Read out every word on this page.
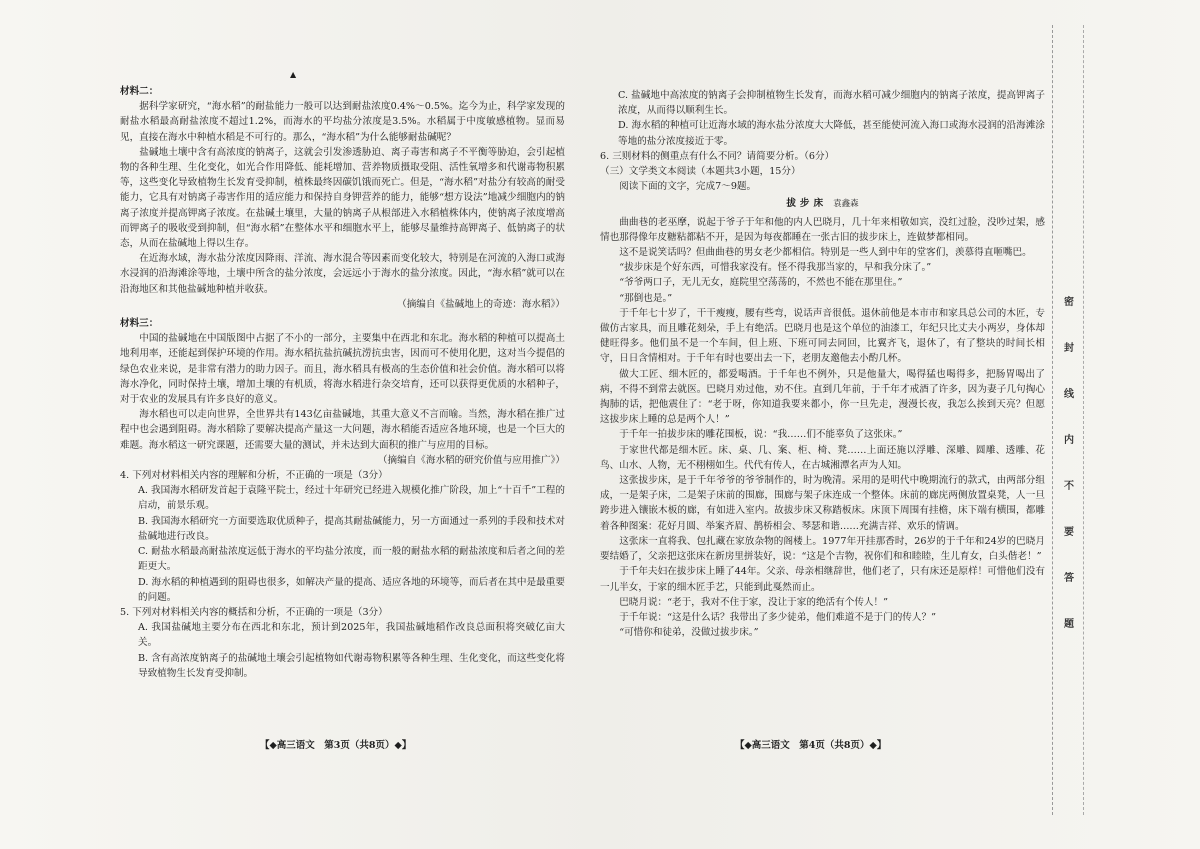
▲

材料二：

据科学家研究，“海水稻”的耐盐能力一般可以达到耐盐浓度0.4%～0.5%。迄今为止，科学家发现的耐盐水稻最高耐盐浓度不超过1.2%，而海水的平均盐分浓度是3.5%。水稻属于中度敏感植物。显而易见，直接在海水中种植水稻是不可行的。那么，“海水稻”为什么能够耐盐碱呢？

盐碱地土壤中含有高浓度的钠离子，这就会引发渗透胁迫、离子毒害和离子不平衡等胁迫，会引起植物的各种生理、生化变化，如光合作用降低、能耗增加、营养物质摄取受阻、活性氧增多和代谢毒物积累等，这些变化导致植物生长发育受抑制，植株最终因碳饥饿而死亡。但是，“海水稻”对盐分有较高的耐受能力，它具有对钠离子毒害作用的适应能力和保持自身钾营养的能力，能够“想方设法”地减少细胞内的钠离子浓度并提高钾离子浓度。在盐碱土壤里，大量的钠离子从根部进入水稻植株体内，使钠离子浓度增高而钾离子的吸收受到抑制，但“海水稻”在整体水平和细胞水平上，能够尽量维持高钾离子、低钠离子的状态，从而在盐碱地上得以生存。

在近海水域，海水盐分浓度因降雨、洋流、海水混合等因素而变化较大，特别是在河流的入海口或海水浸润的沿海滩涂等地，土壤中所含的盐分浓度，会远远小于海水的盐分浓度。因此，“海水稻”就可以在沿海地区和其他盐碱地种植并收获。

（摘编自《盐碱地上的奇迹：海水稻》）

材料三：

中国的盐碱地在中国版图中占据了不小的一部分，主要集中在西北和东北。海水稻的种植可以提高土地利用率，还能起到保护环境的作用。海水稻抗盐抗碱抗涝抗虫害，因而可不使用化肥，这对当今提倡的绿色农业来说，是非常有潜力的助力因子。而且，海水稻具有极高的生态价值和社会价值。海水稻可以将海水净化，同时保持土壤，增加土壤的有机质，将海水稻进行杂交培育，还可以获得更优质的水稻种子，对于农业的发展具有许多良好的意义。

海水稻也可以走向世界，全世界共有143亿亩盐碱地，其重大意义不言而喻。当然，海水稻在推广过程中也会遇到阻碍。海水稻除了要解决提高产量这一大问题，海水稻能否适应各地环境，也是一个巨大的难题。海水稻这一研究课题，还需要大量的测试，并未达到大面积的推广与应用的目标。

（摘编自《海水稻的研究价值与应用推广》）

4. 下列对材料相关内容的理解和分析，不正确的一项是（3分）

A. 我国海水稻研发首起于袁隆平院士，经过十年研究已经进入规模化推广阶段，加上“十百千”工程的启动，前景乐观。

B. 我国海水稻研究一方面要选取优质种子，提高其耐盐碱能力，另一方面通过一系列的手段和技术对盐碱地进行改良。

C. 耐盐水稻最高耐盐浓度远低于海水的平均盐分浓度，而一般的耐盐水稻的耐盐浓度和后者之间的差距更大。

D. 海水稻的种植遇到的阻碍也很多，如解决产量的提高、适应各地的环境等，而后者在其中是最重要的问题。

5. 下列对材料相关内容的概括和分析，不正确的一项是（3分）

A. 我国盐碱地主要分布在西北和东北，预计到2025年，我国盐碱地稻作改良总面积将突破亿亩大关。

B. 含有高浓度钠离子的盐碱地土壤会引起植物如代谢毒物积累等各种生理、生化变化，而这些变化将导致植物生长发育受抑制。

【◆高三语文　第3页（共8页）◆】

C. 盐碱地中高浓度的钠离子会抑制植物生长发育，而海水稻可减少细胞内的钠离子浓度，提高钾离子浓度，从而得以顺利生长。

D. 海水稻的种植可让近海水域的海水盐分浓度大大降低，甚至能使河流入海口或海水浸润的沿海滩涂等地的盐分浓度接近于零。

6. 三则材料的侧重点有什么不同？请简要分析。（6分）

（三）文学类文本阅读（本题共3小题，15分）

阅读下面的文字，完成7～9题。

拔步床 袁鑫森

曲曲巷的老巫摩，说起于爷子于年和他的内人巴晓月，几十年来相敬如宾，没红过脸，没吵过架，感情也那得像年皮糖粘都粘不开，是因为每夜都睡在一张古旧的拔步床上，连做梦都相同。

这不是说笑话吗？但曲曲巷的男女老少都相信。特别是一些人到中年的堂客们，羡慕得直咂嘴巴。

“拔步床是个好东西，可惜我家没有。怪不得我那当家的，早和我分床了。”

“爷爷两口子，无儿无女，庭院里空荡荡的，不然也不能在那里住。”

“那倒也是。”

于千年七十岁了，干干瘦瘦，腰有些弯，说话声音很低。退休前他是本市市和家具总公司的木匠，专做仿古家具，而且雕花刻朵，手上有绝活。巴晓月也是这个单位的油漆工，年纪只比丈夫小两岁，身体却健旺得多。他们虽不是一个车间，但上班、下班可同去同回，比翼齐飞，退休了，有了整块的时间长相守，日日含情相对。于千年有时也要出去一下，老朋友邀他去小酌几杯。

做大工匠、细木匠的，都爱喝酒。于千年也不例外，只是他量大，喝得猛也喝得多，把肠胃喝出了病，不得不到常去就医。巴晓月劝过他，劝不住。直到几年前，于千年才戒酒了许多，因为妻子几句掏心掏肺的话，把他震住了：“老于呀，你知道我要来都小，你一旦先走，漫漫长夜，我怎么挨到天亮？但愿这拔步床上睡的总是两个人！”

于千年一拍拔步床的雕花围板，说：“我……们不能辜负了这张床。”

于家世代都是细木匠。床、桌、几、案、柜、椅、凳……上面还施以浮雕、深雕、圆雕、透雕、花鸟、山水、人物，无不栩栩如生。代代有传人，在古城湘潭名声为人知。

这张拔步床，是于千年爷爷的爷爷制作的，时为晚清。采用的是明代中晚期流行的款式，由两部分组成，一是架子床，二是架子床前的围廊，围廊与架子床连成一个整体。床前的廊庑两侧放置桌凳，人一旦跨步进入镶嵌木板的廊，有如进入室内。故拔步床又称踏板床。床顶下周围有挂檐，床下端有横围，都雕着各种图案：花好月圆、举案齐眉、鹊桥相会、琴瑟和谐……充满吉祥、欢乐的情调。

这张床一直将我、包扎藏在家放杂物的阁楼上。1977年开挂那香时，26岁的于千年和24岁的巴晓月要结婚了，父亲把这张床在新房里拼装好，说：“这是个吉物，祝你们和和睦睦，生儿育女，白头偕老！”

于千年夫妇在拔步床上睡了44年。父亲、母亲相继辞世，他们老了，只有床还是原样！可惜他们没有一儿半女，于家的细木匠手艺，只能到此戛然而止。

巴晓月说：“老于，我对不住于家，没让于家的绝活有个传人！”

于千年说：“这是什么话？我带出了多少徒弟，他们难道不是于门的传人？”

“可惜你和徒弟，没做过拔步床。”

【◆高三语文　第4页（共8页）◆】
密封线内不要答题
